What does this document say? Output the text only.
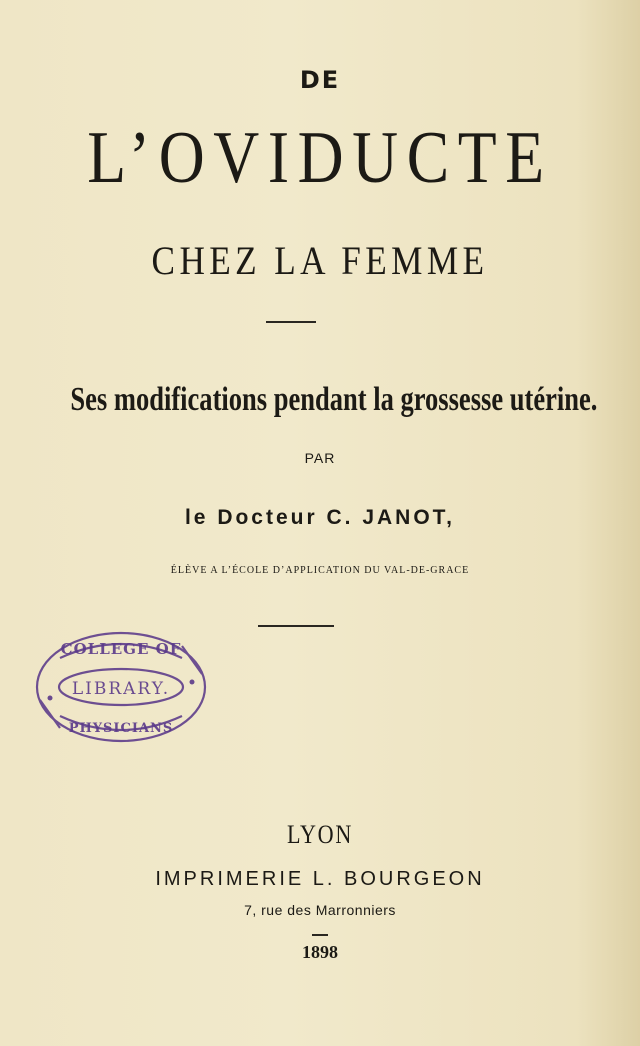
DE
L’OVIDUCTE
CHEZ LA FEMME
Ses modifications pendant la grossesse utérine.
PAR
le Docteur C. JANOT,
ÉLÈVE A L’ÉCOLE D’APPLICATION DU VAL-DE-GRACE
COLLEGE OF
LIBRARY.
PHYSICIANS
LYON
IMPRIMERIE L. BOURGEON
7, rue des Marronniers
1898
